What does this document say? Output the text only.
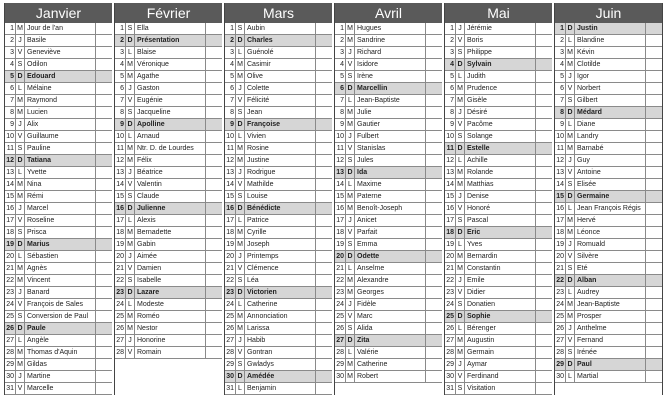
Janvier
1 M Jour de l'an
2 J Basile
3 V Geneviève
4 S Odilon
5 D Edouard
6 L Mélaine
7 M Raymond
8 M Lucien
9 J Alix
10 V Guillaume
11 S Pauline
12 D Tatiana
13 L Yvette
14 M Nina
15 M Rémi
16 J Marcel
17 V Roseline
18 S Prisca
19 D Marius
20 L Sébastien
21 M Agnès
22 M Vincent
23 J Banard
24 V François de Sales
25 S Conversion de Paul
26 D Paule
27 L Angèle
28 M Thomas d'Aquin
29 M Gildas
30 J Martine
31 V Marcelle
Février
1 S Ella
2 D Présentation
3 L Blaise
4 M Véronique
5 M Agathe
6 J Gaston
7 V Eugénie
8 S Jacqueline
9 D Apolline
10 L Arnaud
11 M Ntr. D. de Lourdes
12 M Félix
13 J Béatrice
14 V Valentin
15 S Claude
16 D Julienne
17 L Alexis
18 M Bernadette
19 M Gabin
20 J Aimée
21 V Damien
22 S Isabelle
23 D Lazare
24 L Modeste
25 M Roméo
26 M Nestor
27 J Honorine
28 V Romain
Mars
1 S Aubin
2 D Charles
3 L Guénolé
4 M Casimir
5 M Olive
6 J Colette
7 V Félicité
8 S Jean
9 D Françoise
10 L Vivien
11 M Rosine
12 M Justine
13 J Rodrigue
14 V Mathilde
15 S Louise
16 D Bénédicte
17 L Patrice
18 M Cyrille
19 M Joseph
20 J Printemps
21 V Clémence
22 S Léa
23 D Victorien
24 L Catherine
25 M Annonciation
26 M Larissa
27 J Habib
28 V Gontran
29 S Gwladys
30 D Amédée
31 L Benjamin
Avril
1 M Hugues
2 M Sandrine
3 J Richard
4 V Isidore
5 S Irène
6 D Marcellin
7 L Jean-Baptiste
8 M Julie
9 M Gautier
10 J Fulbert
11 V Stanislas
12 S Jules
13 D Ida
14 L Maxime
15 M Paterne
16 M Benoît-Joseph
17 J Anicet
18 V Parfait
19 S Emma
20 D Odette
21 L Anselme
22 M Alexandre
23 M Georges
24 J Fidèle
25 V Marc
26 S Alida
27 D Zita
28 L Valérie
29 M Catherine
30 M Robert
Mai
1 J Jérémie
2 V Boris
3 S Philippe
4 D Sylvain
5 L Judith
6 M Prudence
7 M Gisèle
8 J Désiré
9 V Pacôme
10 S Solange
11 D Estelle
12 L Achille
13 M Rolande
14 M Matthias
15 J Denise
16 V Honoré
17 S Pascal
18 D Eric
19 L Yves
20 M Bernardin
21 M Constantin
22 J Emile
23 V Didier
24 S Donatien
25 D Sophie
26 L Bérenger
27 M Augustin
28 M Germain
29 J Aymar
30 V Ferdinand
31 S Visitation
Juin
1 D Justin
2 L Blandine
3 M Kévin
4 M Clotilde
5 J Igor
6 V Norbert
7 S Gilbert
8 D Médard
9 L Diane
10 M Landry
11 M Barnabé
12 J Guy
13 V Antoine
14 S Elisée
15 D Germaine
16 L Jean François Régis
17 M Hervé
18 M Léonce
19 J Romuald
20 V Silvère
21 S Eté
22 D Alban
23 L Audrey
24 M Jean-Baptiste
25 M Prosper
26 J Anthelme
27 V Fernand
28 S Irénée
29 D Paul
30 L Martial
